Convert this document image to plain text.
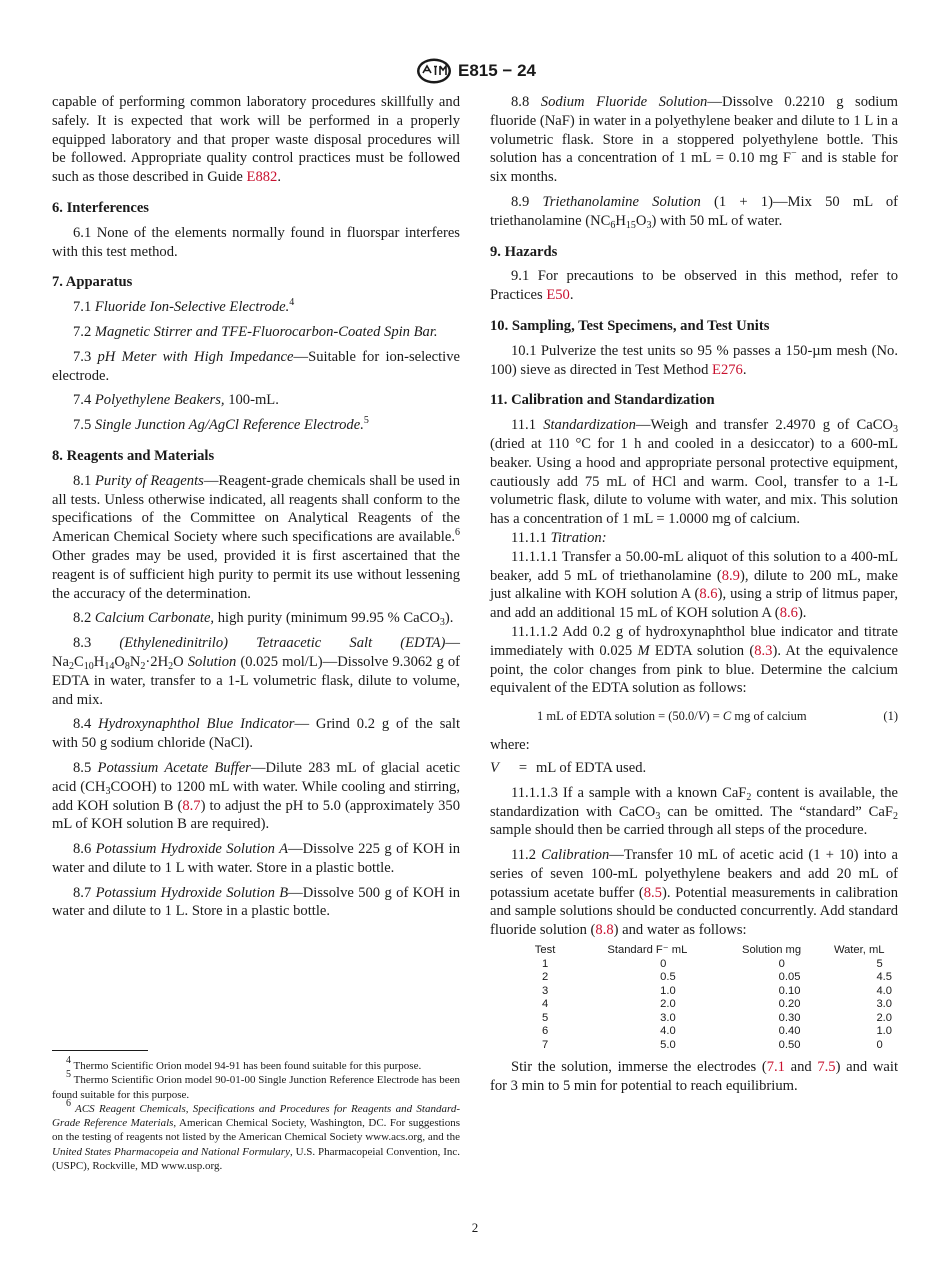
E815 − 24

capable of performing common laboratory procedures skillfully and safely. It is expected that work will be performed in a properly equipped laboratory and that proper waste disposal procedures will be followed. Appropriate quality control practices must be followed such as those described in Guide E882.

6. Interferences

6.1 None of the elements normally found in fluorspar interferes with this test method.

7. Apparatus

7.1 Fluoride Ion-Selective Electrode.$^4$

7.2 Magnetic Stirrer and TFE-Fluorocarbon-Coated Spin Bar.

7.3 pH Meter with High Impedance—Suitable for ion-selective electrode.

7.4 Polyethylene Beakers, 100-mL.

7.5 Single Junction Ag/AgCl Reference Electrode.$^5$

8. Reagents and Materials

8.1 Purity of Reagents—Reagent-grade chemicals shall be used in all tests. Unless otherwise indicated, all reagents shall conform to the specifications of the Committee on Analytical Reagents of the American Chemical Society where such specifications are available.$^6$ Other grades may be used, provided it is first ascertained that the reagent is of sufficient high purity to permit its use without lessening the accuracy of the determination.

8.2 Calcium Carbonate, high purity (minimum 99.95 % CaCO$_3$).

8.3 (Ethylenedinitrilo) Tetraacetic Salt $(EDTA)—Na_2C_{10}H_{14}O_8N_2\cdot 2H_2O$ Solution (0.025 mol/L)—Dissolve 9.3062 g of EDTA in water, transfer to a 1-L volumetric flask, dilute to volume, and mix.

8.4 Hydroxynaphthol Blue Indicator— Grind 0.2 g of the salt with 50 g sodium chloride (NaCl).

8.5 Potassium Acetate Buffer—Dilute 283 mL of glacial acetic acid $(CH_3COOH)$ to 1200 mL with water. While cooling and stirring, add KOH solution B (8.7) to adjust the pH to 5.0 (approximately 350 mL of KOH solution B are required).

8.6 Potassium Hydroxide Solution A—Dissolve 225 g of KOH in water and dilute to 1 L with water. Store in a plastic bottle.

8.7 Potassium Hydroxide Solution B—Dissolve 500 g of KOH in water and dilute to 1 L. Store in a plastic bottle.

$^4$ Thermo Scientific Orion model 94-91 has been found suitable for this purpose.

$^5$ Thermo Scientific Orion model 90-01-00 Single Junction Reference Electrode has been found suitable for this purpose.

$^6$ ACS Reagent Chemicals, Specifications and Procedures for Reagents and Standard-Grade Reference Materials, American Chemical Society, Washington, DC. For suggestions on the testing of reagents not listed by the American Chemical Society www.acs.org, and the United States Pharmacopeia and National Formulary, U.S. Pharmacopeial Convention, Inc. (USPC), Rockville, MD www.usp.org.

8.8 Sodium Fluoride Solution—Dissolve 0.2210 g sodium fluoride (NaF) in water in a polyethylene beaker and dilute to 1 L in a volumetric flask. Store in a stoppered polyethylene bottle. This solution has a concentration of 1 mL = 0.10 mg F− and is stable for six months.

8.9 Triethanolamine Solution (1 + 1)—Mix 50 mL of triethanolamine $(NC_6H_{15}O_3)$ with 50 mL of water.

9. Hazards

9.1 For precautions to be observed in this method, refer to Practices E50.

10. Sampling, Test Specimens, and Test Units

10.1 Pulverize the test units so 95 % passes a 150-µm mesh (No. 100) sieve as directed in Test Method E276.

11. Calibration and Standardization

11.1 Standardization—Weigh and transfer 2.4970 g of CaCO$_3$ (dried at 110 °C for 1 h and cooled in a desiccator) to a 600-mL beaker. Using a hood and appropriate personal protective equipment, cautiously add 75 mL of HCl and warm. Cool, transfer to a 1-L volumetric flask, dilute to volume with water, and mix. This solution has a concentration of 1 mL = 1.0000 mg of calcium.

11.1.1 Titration:

11.1.1.1 Transfer a 50.00-mL aliquot of this solution to a 400-mL beaker, add 5 mL of triethanolamine (8.9), dilute to 200 mL, make just alkaline with KOH solution A (8.6), using a strip of litmus paper, and add an additional 15 mL of KOH solution A (8.6).

11.1.1.2 Add 0.2 g of hydroxynaphthol blue indicator and titrate immediately with 0.025 M EDTA solution (8.3). At the equivalence point, the color changes from pink to blue. Determine the calcium equivalent of the EDTA solution as follows:

1 mL of EDTA solution = (50.0/V) = C mg of calcium	(1)

where:

V	= mL of EDTA used.

11.1.1.3 If a sample with a known CaF$_2$ content is available, the standardization with CaCO$_3$ can be omitted. The “standard” CaF$_2$ sample should then be carried through all steps of the procedure.

11.2 Calibration—Transfer 10 mL of acetic acid (1 + 10) into a series of seven 100-mL polyethylene beakers and add 20 mL of potassium acetate buffer (8.5). Potential measurements in calibration and sample solutions should be conducted concurrently. Add standard fluoride solution (8.8) and water as follows:

Test	Standard F⁻ mL	Solution mg	Water, mL
1	0	0	5
2	0.5	0.05	4.5
3	1.0	0.10	4.0
4	2.0	0.20	3.0
5	3.0	0.30	2.0
6	4.0	0.40	1.0
7	5.0	0.50	0

Stir the solution, immerse the electrodes (7.1 and 7.5) and wait for 3 min to 5 min for potential to reach equilibrium.

2
